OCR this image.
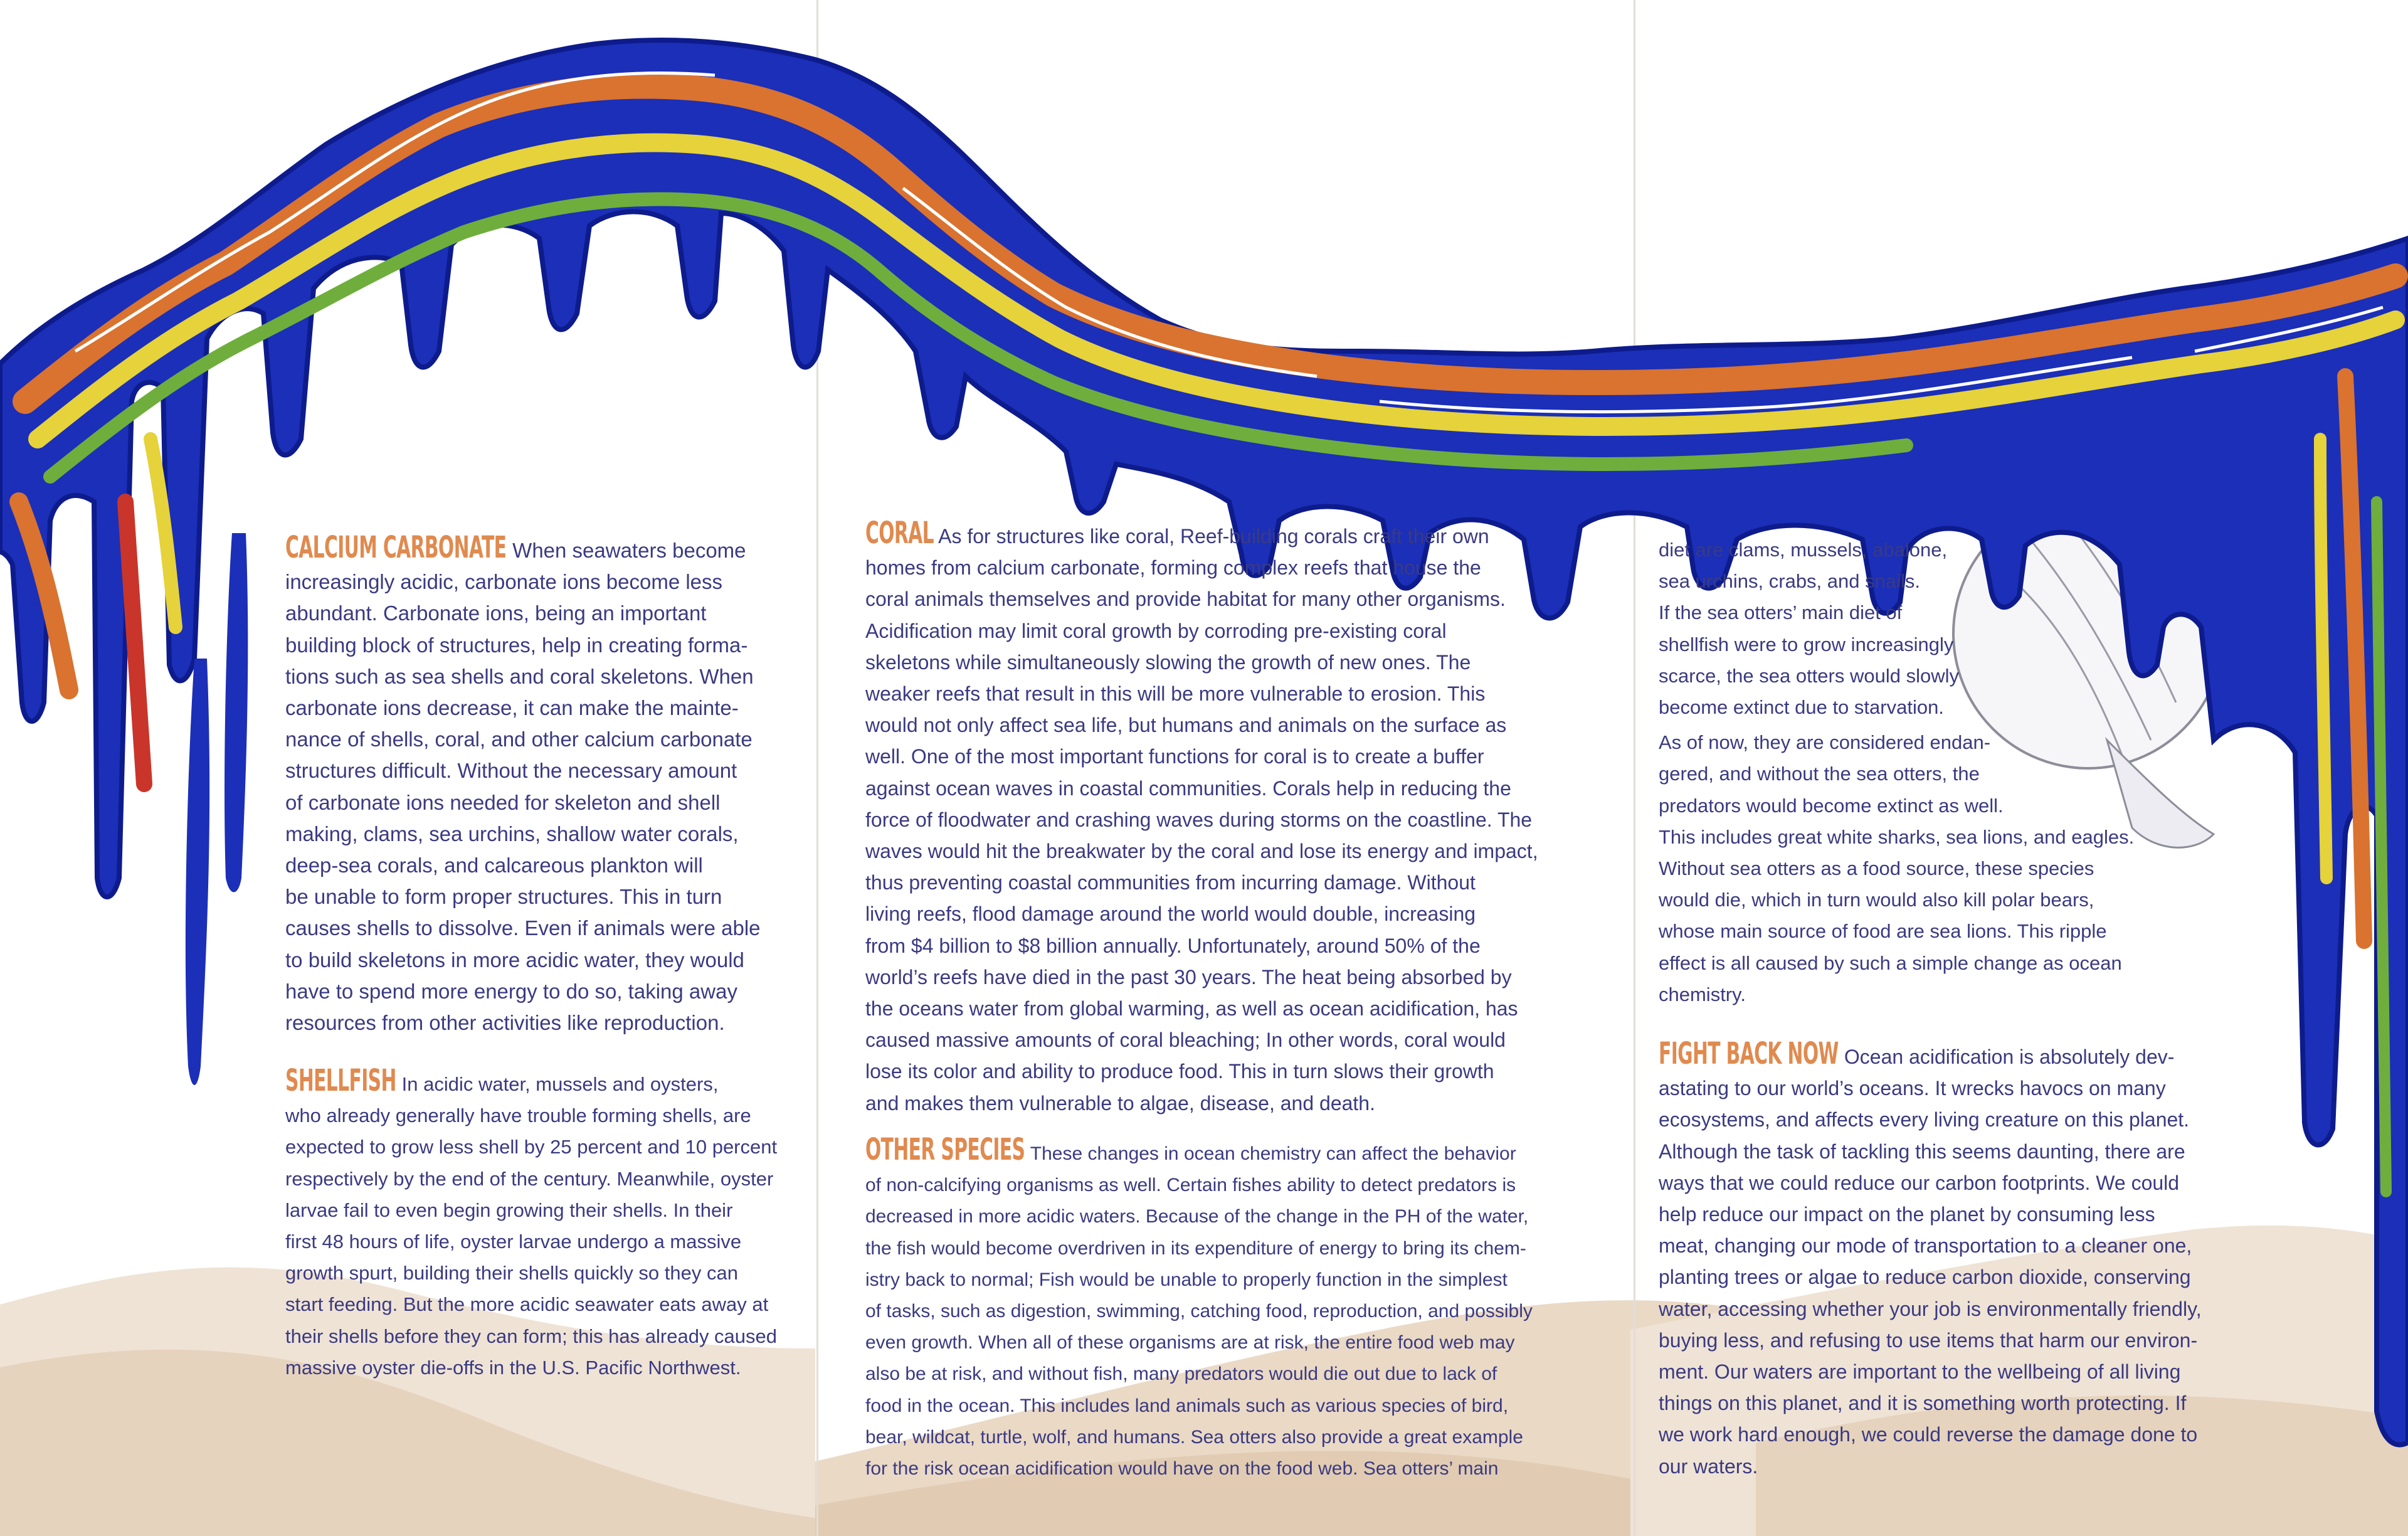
CALCIUM CARBONATE When seawaters become

increasingly acidic, carbonate ions become less

abundant. Carbonate ions, being an important

building block of structures, help in creating forma-

tions such as sea shells and coral skeletons. When

carbonate ions decrease, it can make the mainte-

nance of shells, coral, and other calcium carbonate

structures difficult. Without the necessary amount

of carbonate ions needed for skeleton and shell

making, clams, sea urchins, shallow water corals,

deep-sea corals, and calcareous plankton will

be unable to form proper structures. This in turn

causes shells to dissolve. Even if animals were able

to build skeletons in more acidic water, they would

have to spend more energy to do so, taking away

resources from other activities like reproduction.

SHELLFISH In acidic water, mussels and oysters,

who already generally have trouble forming shells, are

expected to grow less shell by 25 percent and 10 percent

respectively by the end of the century. Meanwhile, oyster

larvae fail to even begin growing their shells. In their

first 48 hours of life, oyster larvae undergo a massive

growth spurt, building their shells quickly so they can

start feeding. But the more acidic seawater eats away at

their shells before they can form; this has already caused

massive oyster die-offs in the U.S. Pacific Northwest.

CORAL As for structures like coral, Reef-building corals craft their own

homes from calcium carbonate, forming complex reefs that house the

coral animals themselves and provide habitat for many other organisms.

Acidification may limit coral growth by corroding pre-existing coral

skeletons while simultaneously slowing the growth of new ones. The

weaker reefs that result in this will be more vulnerable to erosion. This

would not only affect sea life, but humans and animals on the surface as

well. One of the most important functions for coral is to create a buffer

against ocean waves in coastal communities. Corals help in reducing the

force of floodwater and crashing waves during storms on the coastline. The

waves would hit the breakwater by the coral and lose its energy and impact,

thus preventing coastal communities from incurring damage. Without

living reefs, flood damage around the world would double, increasing

from $4 billion to $8 billion annually. Unfortunately, around 50% of the

world’s reefs have died in the past 30 years. The heat being absorbed by

the oceans water from global warming, as well as ocean acidification, has

caused massive amounts of coral bleaching; In other words, coral would

lose its color and ability to produce food. This in turn slows their growth

and makes them vulnerable to algae, disease, and death.

OTHER SPECIES These changes in ocean chemistry can affect the behavior

of non-calcifying organisms as well. Certain fishes ability to detect predators is

decreased in more acidic waters. Because of the change in the PH of the water,

the fish would become overdriven in its expenditure of energy to bring its chem-

istry back to normal; Fish would be unable to properly function in the simplest

of tasks, such as digestion, swimming, catching food, reproduction, and possibly

even growth. When all of these organisms are at risk, the entire food web may

also be at risk, and without fish, many predators would die out due to lack of

food in the ocean. This includes land animals such as various species of bird,

bear, wildcat, turtle, wolf, and humans. Sea otters also provide a great example

for the risk ocean acidification would have on the food web. Sea otters’ main

diet are clams, mussels, abalone,

sea urchins, crabs, and snails.

If the sea otters’ main diet of

shellfish were to grow increasingly

scarce, the sea otters would slowly

become extinct due to starvation.

As of now, they are considered endan-

gered, and without the sea otters, the

predators would become extinct as well.

This includes great white sharks, sea lions, and eagles.

Without sea otters as a food source, these species

would die, which in turn would also kill polar bears,

whose main source of food are sea lions. This ripple

effect is all caused by such a simple change as ocean

chemistry.

FIGHT BACK NOW Ocean acidification is absolutely dev-

astating to our world’s oceans. It wrecks havocs on many

ecosystems, and affects every living creature on this planet.

Although the task of tackling this seems daunting, there are

ways that we could reduce our carbon footprints. We could

help reduce our impact on the planet by consuming less

meat, changing our mode of transportation to a cleaner one,

planting trees or algae to reduce carbon dioxide, conserving

water, accessing whether your job is environmentally friendly,

buying less, and refusing to use items that harm our environ-

ment. Our waters are important to the wellbeing of all living

things on this planet, and it is something worth protecting. If

we work hard enough, we could reverse the damage done to

our waters.
